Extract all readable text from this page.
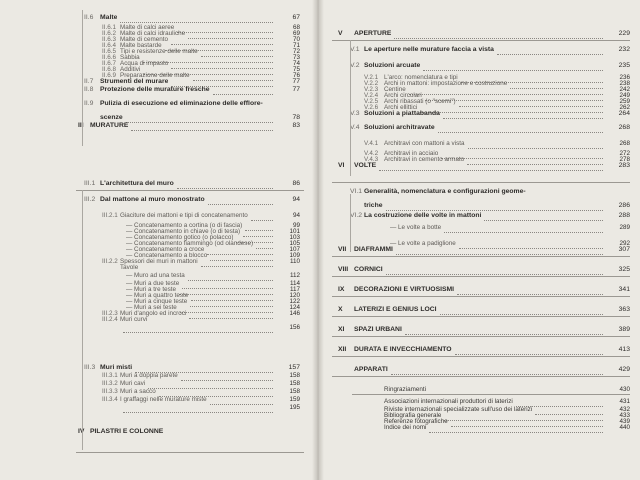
II.6 Malte	67
II.6.1 Malte di calci aeree	68
II.6.2 Malte di calci idrauliche	69
II.6.3 Malte di cemento	70
II.6.4 Malte bastarde	71
II.6.5 Tipi e resistenze delle malte	72
II.6.6 Sabbia	73
II.6.7 Acqua di impasto	74
II.6.8 Additivi	75
II.6.9 Preparazione delle malte	76
II.7 Strumenti del murare	77
II.8 Protezione delle murature fresche	77
II.9 Pulizia di esecuzione ed eliminazione delle efflore-
scenze	78
III MURATURE	83
III.1 L'architettura del muro	86
III.2 Dal mattone al muro monostrato	94
III.2.1 Giaciture dei mattoni e tipi di concatenamento	94
— Concatenamento a cortina (o di fascia)	99
— Concatenamento in chiave (o di testa)	101
— Concatenamento gotico (o polacco)	103
— Concatenamento fiammingo (od olandese)	105
— Concatenamento a croce	107
— Concatenamento a blocco	109
III.2.2 Spessori dei muri in mattoni	110
Tavole
— Muro ad una testa	112
— Muri a due teste	114
— Muri a tre teste	117
— Muri a quattro teste	120
— Muri a cinque teste	122
— Muri a sei teste	124
III.2.3 Muri d'angolo ed incroci	146
III.2.4 Muri curvi
156
III.3 Muri misti	157
III.3.1 Muri a doppia parete	158
III.3.2 Muri cavi	158
III.3.3 Muri a sacco	158
III.3.4 I graffaggi nelle murature miste	159
195
IV PILASTRI E COLONNE
V APERTURE	229
V.1 Le aperture nelle murature faccia a vista	232
V.2 Soluzioni arcuate	235
V.2.1 L'arco: nomenclatura e tipi	236
V.2.2 Archi in mattoni: impostazione e costruzione	238
V.2.3 Centine	242
V.2.4 Archi circolari	249
V.2.5 Archi ribassati (o "scemi")	259
V.2.6 Archi ellittici	262
V.3 Soluzioni a piattabanda	264
V.4 Soluzioni architravate	268
V.4.1 Architravi con mattoni a vista	268
V.4.2 Architravi in acciaio	272
V.4.3 Architravi in cemento armato	278
VI VOLTE	283
VI.1 Generalità, nomenclatura e configurazioni geome-
triche	286
VI.2 La costruzione delle volte in mattoni	288
— Le volte a botte	289
— Le volte a padiglione	292
VII DIAFRAMMI	307
VIII CORNICI	325
IX DECORAZIONI E VIRTUOSISMI	341
X LATERIZI E GENIUS LOCI	363
XI SPAZI URBANI	389
XII DURATA E INVECCHIAMENTO	413
APPARATI	429
Ringraziamenti	430
Associazioni internazionali produttori di laterizi	431
Riviste internazionali specializzate sull'uso dei laterizi	432
Bibliografia generale	433
Referenze fotografiche	439
Indice dei nomi	440
